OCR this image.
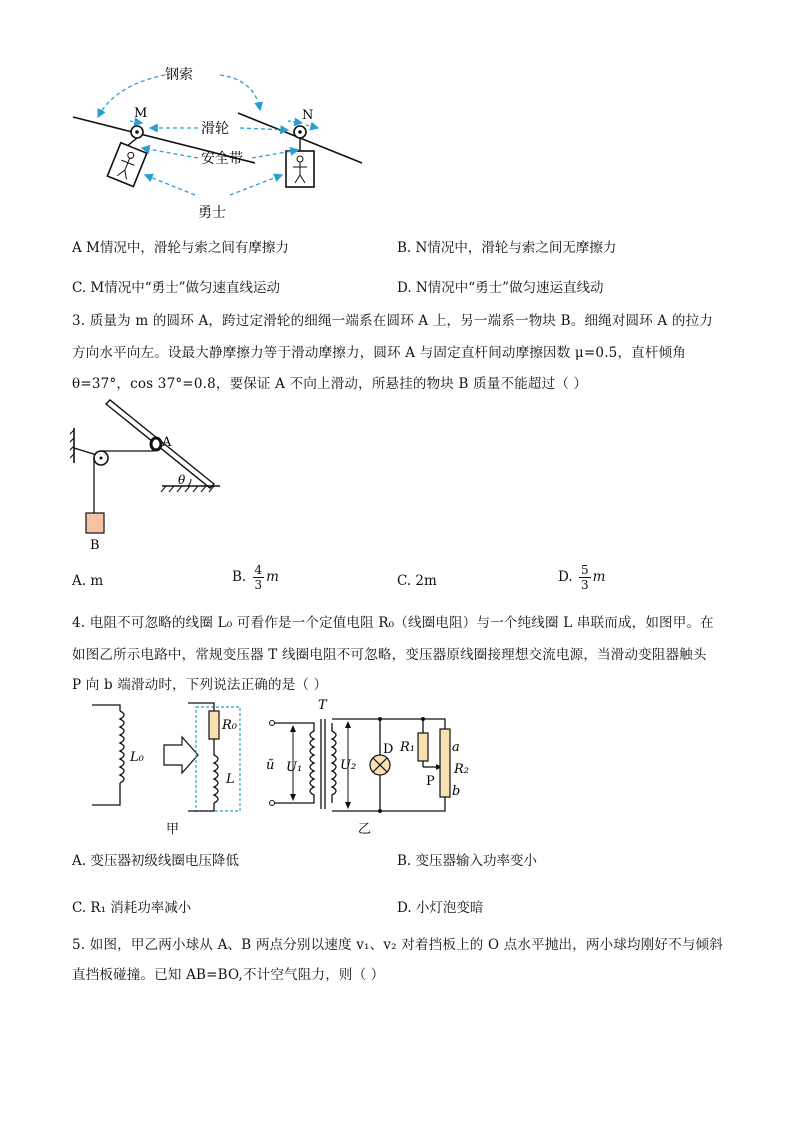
钢索
M	N
滑轮
安全带
勇士
A M情况中，滑轮与索之间有摩擦力	B. N情况中，滑轮与索之间无摩擦力
C. M情况中“勇士”做匀速直线运动	D. N情况中“勇士”做匀速运直线动
3. 质量为 m 的圆环 A，跨过定滑轮的细绳一端系在圆环 A 上，另一端系一物块 B。细绳对圆环 A 的拉力
方向水平向左。设最大静摩擦力等于滑动摩擦力，圆环 A 与固定直杆间动摩擦因数 μ=0.5，直杆倾角
θ=37°，cos 37°=0.8，要保证 A 不向上滑动，所悬挂的物块 B 质量不能超过（ ）
θ
A
B
A. m	B. $\frac{4}{3}$ m	C. 2m	D. $\frac{5}{3}$ m
4. 电阻不可忽略的线圈 L₀ 可看作是一个定值电阻 R₀（线圈电阻）与一个纯线圈 L 串联而成，如图甲。在
如图乙所示电路中，常规变压器 T 线圈电阻不可忽略，变压器原线圈接理想交流电源，当滑动变阻器触头
P 向 b 端滑动时，下列说法正确的是（ ）
L₀
R₀
L
甲
T
ũ U₁	U₂
D R₁
P
a
R₂
b
乙
A. 变压器初级线圈电压降低	B. 变压器输入功率变小
C. R₁ 消耗功率减小	D. 小灯泡变暗
5. 如图，甲乙两小球从 A、B 两点分别以速度 v₁、v₂ 对着挡板上的 O 点水平抛出，两小球均刚好不与倾斜
直挡板碰撞。已知 AB=BO,不计空气阻力，则（ ）
